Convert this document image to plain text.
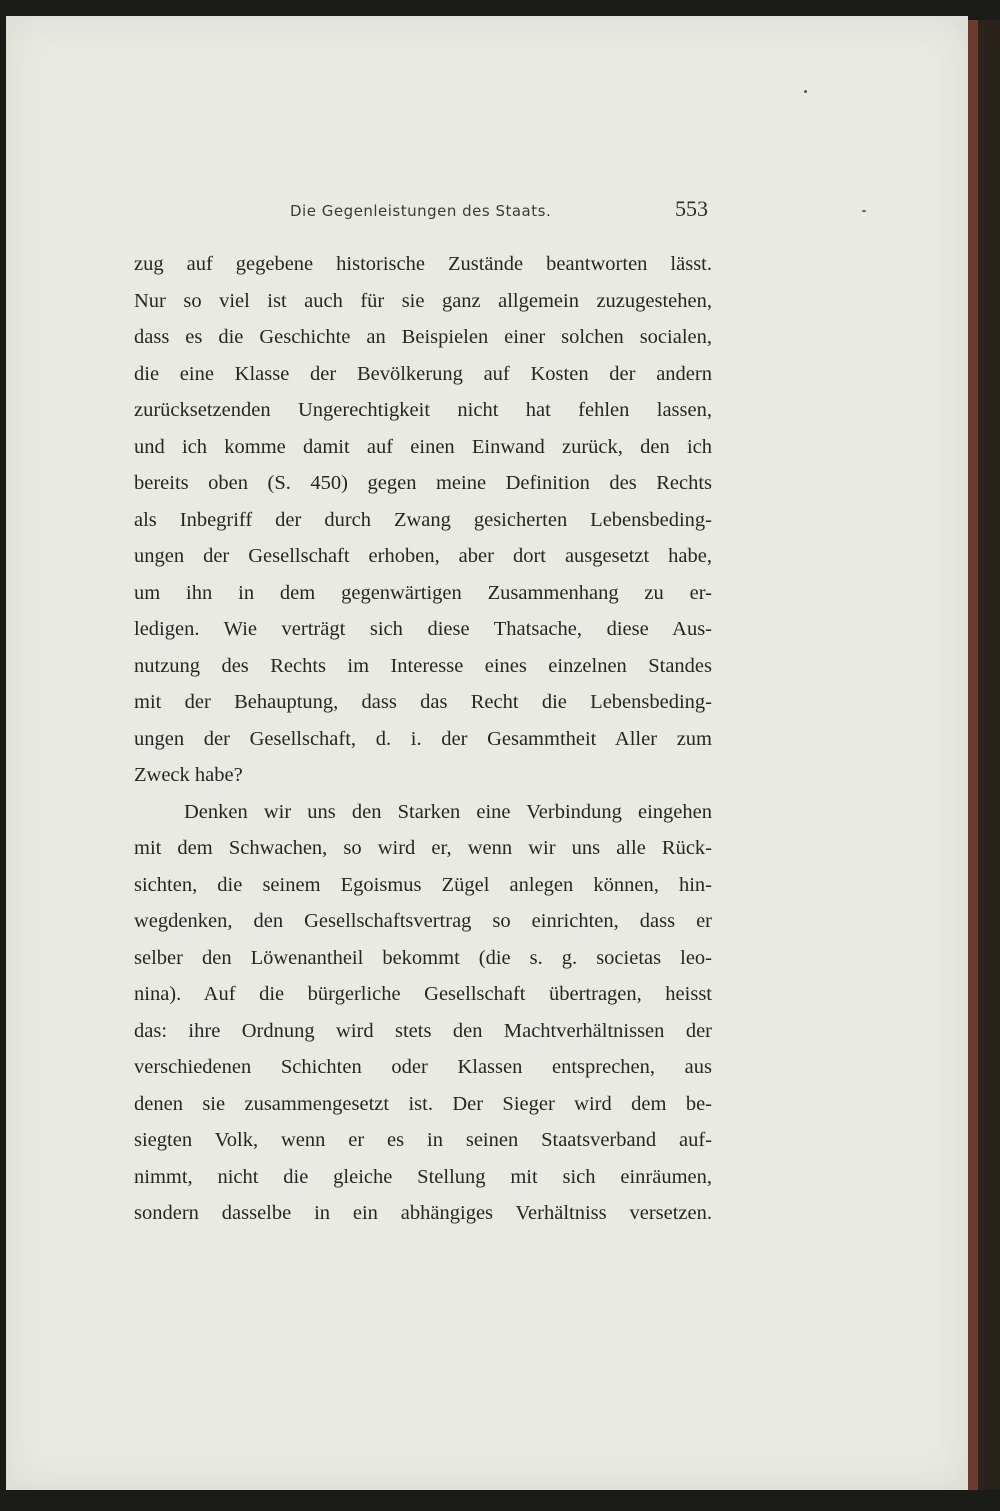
Die Gegenleistungen des Staats.	553
zug auf gegebene historische Zustände beantworten lässt.
Nur so viel ist auch für sie ganz allgemein zuzugestehen,
dass es die Geschichte an Beispielen einer solchen socialen,
die eine Klasse der Bevölkerung auf Kosten der andern
zurücksetzenden Ungerechtigkeit nicht hat fehlen lassen,
und ich komme damit auf einen Einwand zurück, den ich
bereits oben (S. 450) gegen meine Definition des Rechts
als Inbegriff der durch Zwang gesicherten Lebensbeding-
ungen der Gesellschaft erhoben, aber dort ausgesetzt habe,
um ihn in dem gegenwärtigen Zusammenhang zu er-
ledigen. Wie verträgt sich diese Thatsache, diese Aus-
nutzung des Rechts im Interesse eines einzelnen Standes
mit der Behauptung, dass das Recht die Lebensbeding-
ungen der Gesellschaft, d. i. der Gesammtheit Aller zum
Zweck habe?
Denken wir uns den Starken eine Verbindung eingehen
mit dem Schwachen, so wird er, wenn wir uns alle Rück-
sichten, die seinem Egoismus Zügel anlegen können, hin-
wegdenken, den Gesellschaftsvertrag so einrichten, dass er
selber den Löwenantheil bekommt (die s. g. societas leo-
nina). Auf die bürgerliche Gesellschaft übertragen, heisst
das: ihre Ordnung wird stets den Machtverhältnissen der
verschiedenen Schichten oder Klassen entsprechen, aus
denen sie zusammengesetzt ist. Der Sieger wird dem be-
siegten Volk, wenn er es in seinen Staatsverband auf-
nimmt, nicht die gleiche Stellung mit sich einräumen,
sondern dasselbe in ein abhängiges Verhältniss versetzen.
